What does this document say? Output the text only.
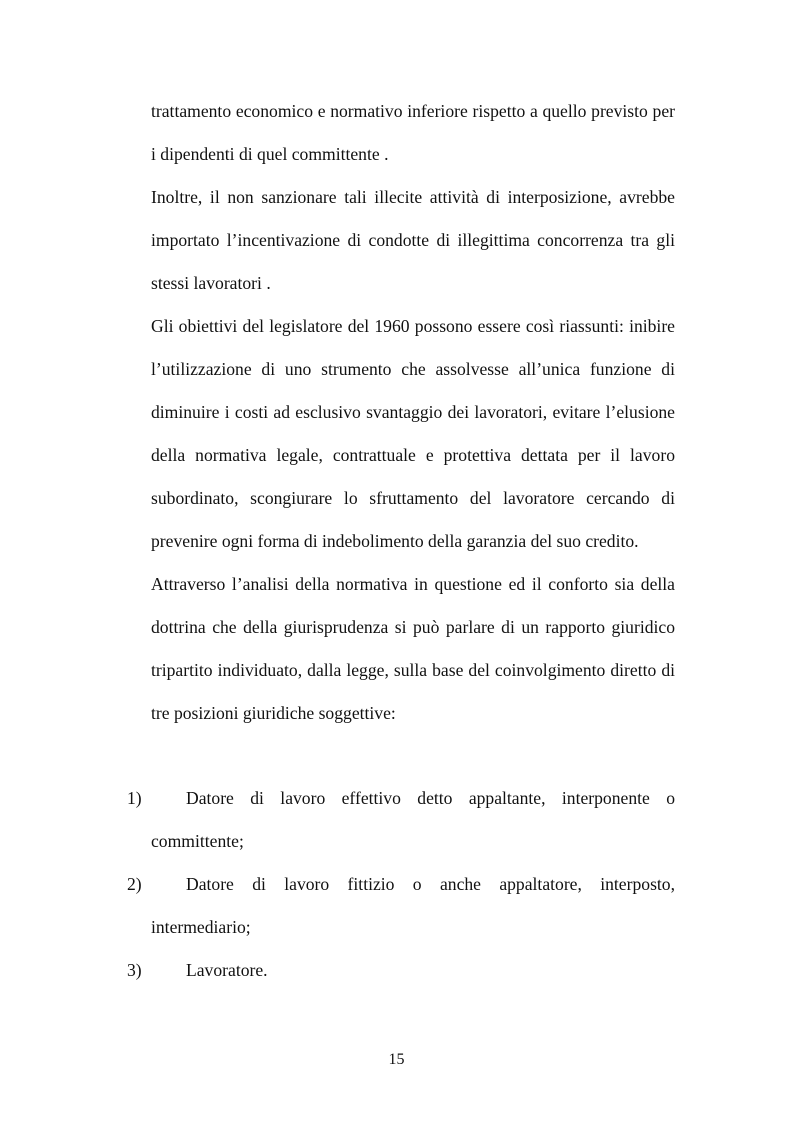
trattamento economico e normativo inferiore rispetto a quello previsto per i dipendenti di quel committente .

Inoltre, il non sanzionare tali illecite attività di interposizione, avrebbe importato l’incentivazione di condotte di illegittima concorrenza tra gli stessi lavoratori .

Gli obiettivi del legislatore del 1960 possono essere così riassunti: inibire l’utilizzazione di uno strumento che assolvesse all’unica funzione di diminuire i costi ad esclusivo svantaggio dei lavoratori, evitare l’elusione della normativa legale, contrattuale e protettiva dettata per il lavoro subordinato, scongiurare lo sfruttamento del lavoratore cercando di prevenire ogni forma di indebolimento della garanzia del suo credito.

Attraverso l’analisi della normativa in questione ed il conforto sia della dottrina che della giurisprudenza si può parlare di un rapporto giuridico tripartito individuato, dalla legge, sulla base del coinvolgimento diretto di tre posizioni giuridiche soggettive:

1)	Datore di lavoro effettivo detto appaltante, interponente o committente;
2)	Datore di lavoro fittizio o anche appaltatore, interposto, intermediario;
3)	Lavoratore.
15
